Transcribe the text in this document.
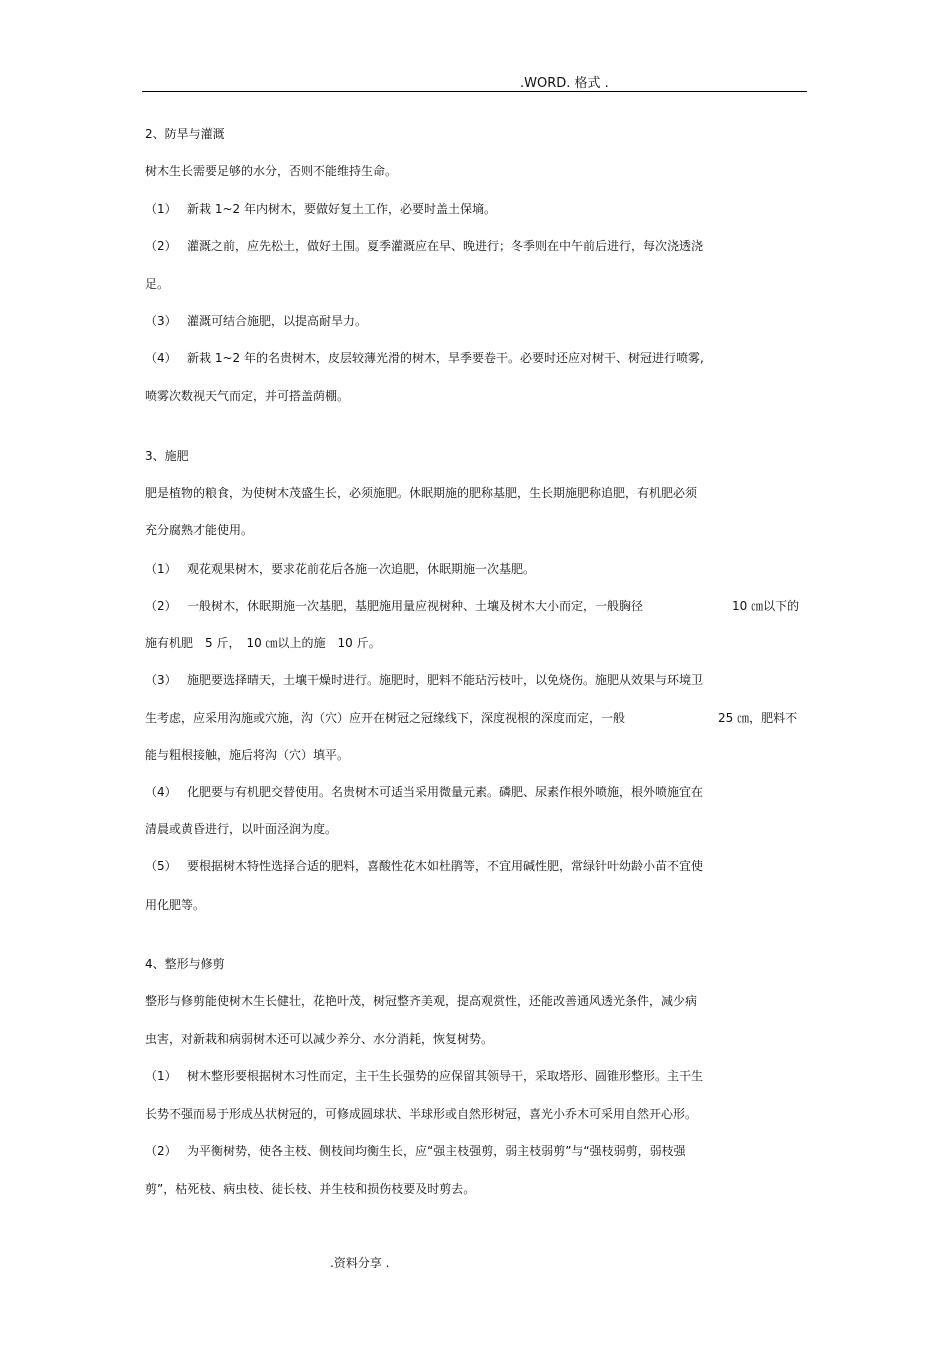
.WORD. 格式 .
2、防旱与灌溉
树木生长需要足够的水分，否则不能维持生命。
（1） 新栽 1~2 年内树木，要做好复土工作，必要时盖土保墒。
（2） 灌溉之前，应先松土，做好土围。夏季灌溉应在早、晚进行；冬季则在中午前后进行，每次浇透浇
足。
（3） 灌溉可结合施肥，以提高耐旱力。
（4） 新栽 1~2 年的名贵树木，皮层较薄光滑的树木，旱季要卷干。必要时还应对树干、树冠进行喷雾,
喷雾次数视天气而定，并可搭盖荫棚。
3、施肥
肥是植物的粮食，为使树木茂盛生长，必须施肥。休眠期施的肥称基肥，生长期施肥称追肥，有机肥必须
充分腐熟才能使用。
（1） 观花观果树木，要求花前花后各施一次追肥，休眠期施一次基肥。
（2） 一般树木，休眠期施一次基肥，基肥施用量应视树种、土壤及树木大小而定，一般胸径	10 ㎝以下的
施有机肥　5 斤，　10 ㎝以上的施　10 斤。
（3） 施肥要选择晴天，土壤干燥时进行。施肥时，肥料不能玷污枝叶，以免烧伤。施肥从效果与环境卫
生考虑，应采用沟施或穴施，沟（穴）应开在树冠之冠缘线下，深度视根的深度而定，一般	25 ㎝，肥料不
能与粗根接触，施后将沟（穴）填平。
（4） 化肥要与有机肥交替使用。名贵树木可适当采用微量元素。磷肥、尿素作根外喷施，根外喷施宜在
清晨或黄昏进行，以叶面泾润为度。
（5） 要根据树木特性选择合适的肥料，喜酸性花木如杜鹃等，不宜用碱性肥，常绿针叶幼龄小苗不宜使
用化肥等。
4、整形与修剪
整形与修剪能使树木生长健壮，花艳叶茂，树冠整齐美观，提高观赏性，还能改善通风透光条件，减少病
虫害，对新栽和病弱树木还可以减少养分、水分消耗，恢复树势。
（1） 树木整形要根据树木习性而定，主干生长强势的应保留其领导干，采取塔形、圆锥形整形。主干生
长势不强而易于形成丛状树冠的，可修成圆球状、半球形或自然形树冠，喜光小乔木可采用自然开心形。
（2） 为平衡树势，使各主枝、侧枝间均衡生长，应“强主枝强剪，弱主枝弱剪”与“强枝弱剪，弱枝强
剪”，枯死枝、病虫枝、徒长枝、并生枝和损伤枝要及时剪去。
.资料分享 .
